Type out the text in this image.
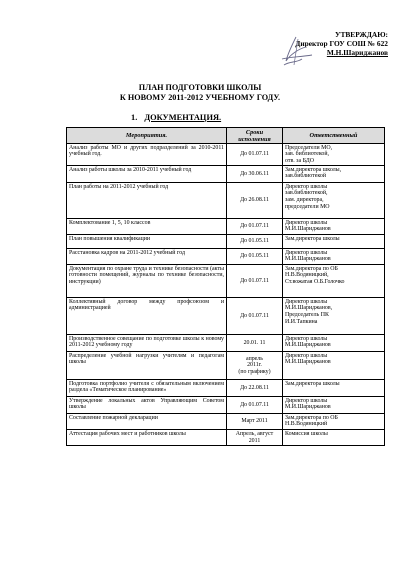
УТВЕРЖДАЮ:
Директор ГОУ СОШ № 622
М.Н.Шариджанов
ПЛАН ПОДГОТОВКИ ШКОЛЫ
К НОВОМУ 2011-2012 УЧЕБНОМУ ГОДУ.
1. ДОКУМЕНТАЦИЯ.
Мероприятия.	Сроки исполнения	Ответственный
Анализ работы МО и других подразделений за 2010-2011 учебный год.	До 01.07.11	Председатели МО,
зав. библиотекой,
отв. за БДО
Анализ работы школы за 2010-2011 учебный год	До 30.06.11	Зам.директора школы,
зав.библиотекой
План работы на 2011-2012 учебный год	До 26.08.11	Директор школы
зав.библиотекой,
зам. директора,
председатели МО
Комплектование 1, 5, 10 классов	До 01.07.11	Директор школы
М.И.Шариджанов
План повышения квалификации	До 01.05.11	Зам.директора школы
Расстановка кадров на 2011-2012 учебный год	До 01.05.11	Директор школы
М.И.Шариджанов
Документация по охране труда и технике безопасности (акты готовности помещений, журналы по технике безопасности, инструкции)	До 01.07.11	Зам.директора по ОБ
Н.В.Водяницкий,
Ст.вожатая О.Б.Голочко
Коллективный договор между профсоюзом и администрацией	До 01.07.11	Директор школы
М.И.Шариджанов,
Председатель ПК
И.И.Тапкина
Производственное совещание по подготовке школы к новому 2011-2012 учебному году	20.01. 11	Директор школы
М.И.Шариджанов
Распределение учебной нагрузки учителям и педагогам школы	апрель
2011г.
(по графику)	Директор школы
М.И.Шариджанов
Подготовка портфолио учителя с обязательным включением раздела «Тематическое планирование»	До 22.08.11	Зам.директора школы
Утверждение локальных актов Управляющим Советом школы	До 01.07.11	Директор школы
М.И.Шариджанов
Составление пожарной декларации	Март 2011	Зам.директора по ОБ
Н.В.Водяницкий
Аттестация рабочих мест и работников школы	Апрель, август
2011	Комиссия школы
